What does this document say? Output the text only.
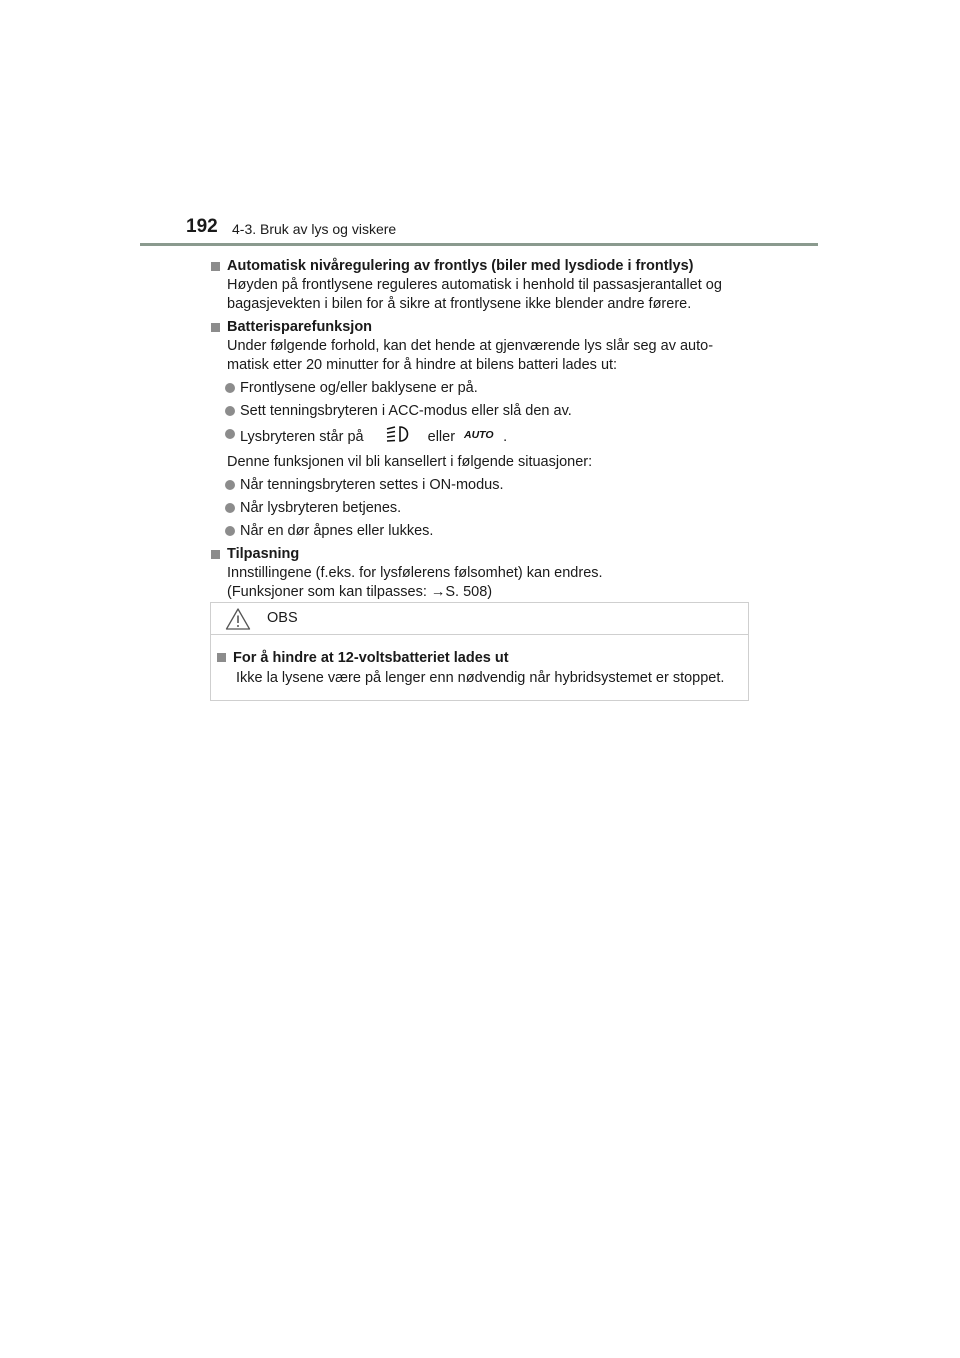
192 4-3. Bruk av lys og viskere
Automatisk nivåregulering av frontlys (biler med lysdiode i frontlys)
Høyden på frontlysene reguleres automatisk i henhold til passasjerantallet og
bagasjevekten i bilen for å sikre at frontlysene ikke blender andre førere.
Batterisparefunksjon
Under følgende forhold, kan det hende at gjenværende lys slår seg av auto-
matisk etter 20 minutter for å hindre at bilens batteri lades ut:
Frontlysene og/eller baklysene er på.
Sett tenningsbryteren i ACC-modus eller slå den av.
Lysbryteren står på	eller AUTO .
Denne funksjonen vil bli kansellert i følgende situasjoner:
Når tenningsbryteren settes i ON-modus.
Når lysbryteren betjenes.
Når en dør åpnes eller lukkes.
Tilpasning
Innstillingene (f.eks. for lysfølerens følsomhet) kan endres.
(Funksjoner som kan tilpasses: →S. 508)
OBS
For å hindre at 12-voltsbatteriet lades ut
Ikke la lysene være på lenger enn nødvendig når hybridsystemet er stoppet.
